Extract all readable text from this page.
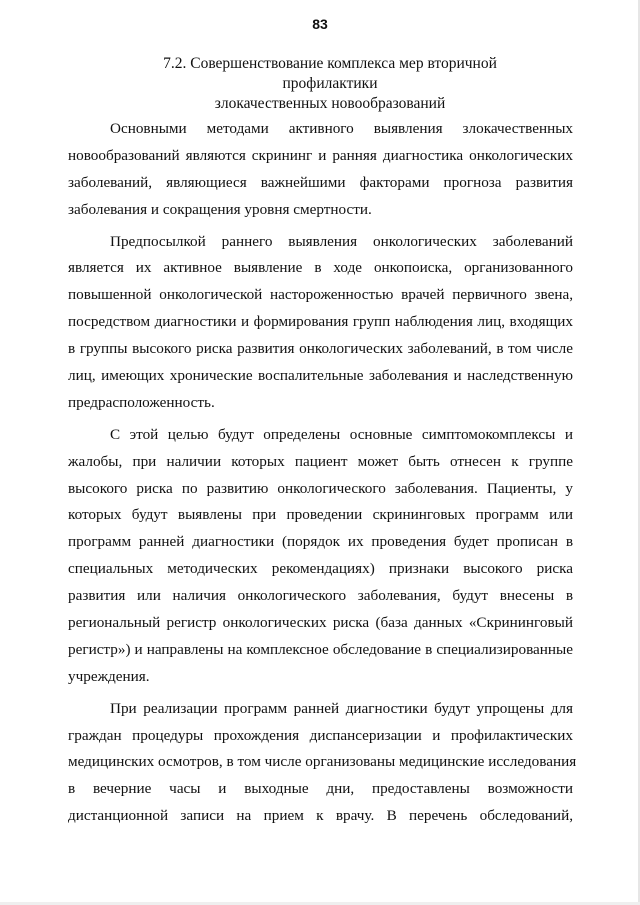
83
7.2. Совершенствование комплекса мер вторичной профилактики
злокачественных новообразований
Основными методами активного выявления злокачественных
новообразований являются скрининг и ранняя диагностика онкологических
заболеваний, являющиеся важнейшими факторами прогноза развития
заболевания и сокращения уровня смертности.
Предпосылкой раннего выявления онкологических заболеваний
является их активное выявление в ходе онкопоиска, организованного
повышенной онкологической настороженностью врачей первичного звена,
посредством диагностики и формирования групп наблюдения лиц, входящих
в группы высокого риска развития онкологических заболеваний, в том числе
лиц, имеющих хронические воспалительные заболевания и наследственную
предрасположенность.
С этой целью будут определены основные симптомокомплексы и
жалобы, при наличии которых пациент может быть отнесен к группе
высокого риска по развитию онкологического заболевания. Пациенты, у
которых будут выявлены при проведении скрининговых программ или
программ ранней диагностики (порядок их проведения будет прописан в
специальных методических рекомендациях) признаки высокого риска
развития или наличия онкологического заболевания, будут внесены в
региональный регистр онкологических риска (база данных «Скрининговый
регистр») и направлены на комплексное обследование в специализированные
учреждения.
При реализации программ ранней диагностики будут упрощены для
граждан процедуры прохождения диспансеризации и профилактических
медицинских осмотров, в том числе организованы медицинские исследования
в вечерние часы и выходные дни, предоставлены возможности
дистанционной записи на прием к врачу. В перечень обследований,
